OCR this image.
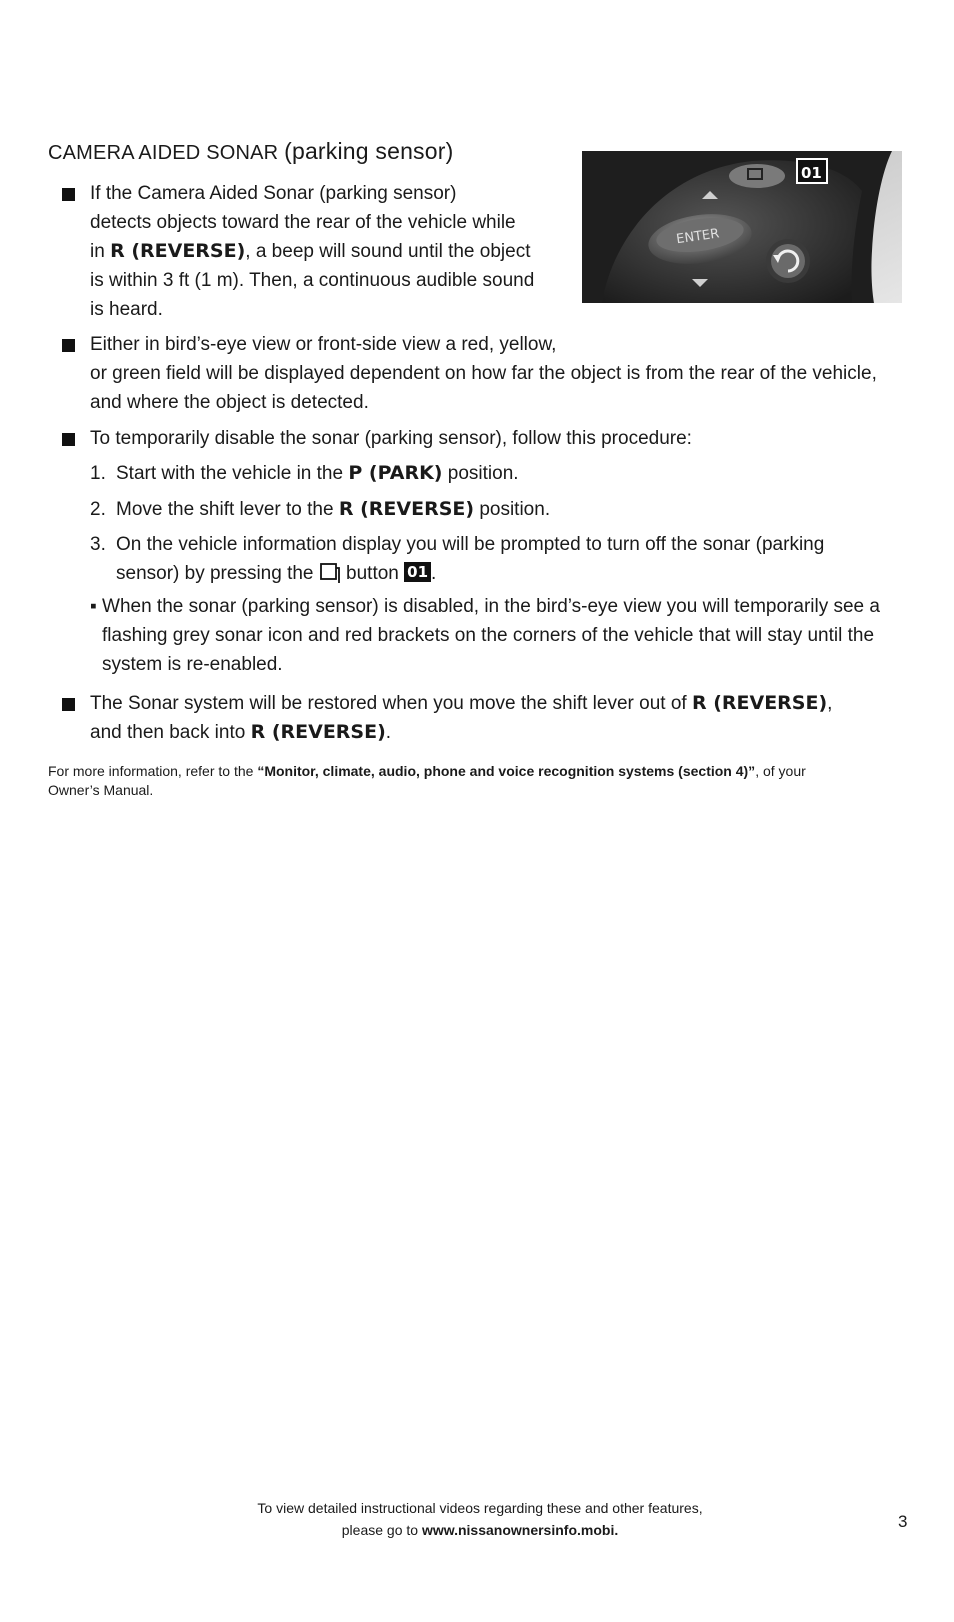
CAMERA AIDED SONAR (parking sensor)
ENTER
01
If the Camera Aided Sonar (parking sensor)
detects objects toward the rear of the vehicle while
in R (REVERSE), a beep will sound until the object
is within 3 ft (1 m). Then, a continuous audible sound
is heard.
Either in bird’s-eye view or front-side view a red, yellow,
or green field will be displayed dependent on how far the object is from the rear of the vehicle,
and where the object is detected.
To temporarily disable the sonar (parking sensor), follow this procedure:
1. Start with the vehicle in the P (PARK) position.
2. Move the shift lever to the R (REVERSE) position.
3. On the vehicle information display you will be prompted to turn off the sonar (parking
sensor) by pressing the  button 01 .
▪ When the sonar (parking sensor) is disabled, in the bird’s-eye view you will temporarily see a
flashing grey sonar icon and red brackets on the corners of the vehicle that will stay until the
system is re-enabled.
The Sonar system will be restored when you move the shift lever out of R (REVERSE),
and then back into R (REVERSE).
For more information, refer to the “Monitor, climate, audio, phone and voice recognition systems (section 4)”, of your
Owner’s Manual.
To view detailed instructional videos regarding these and other features,
please go to www.nissanownersinfo.mobi.	3
